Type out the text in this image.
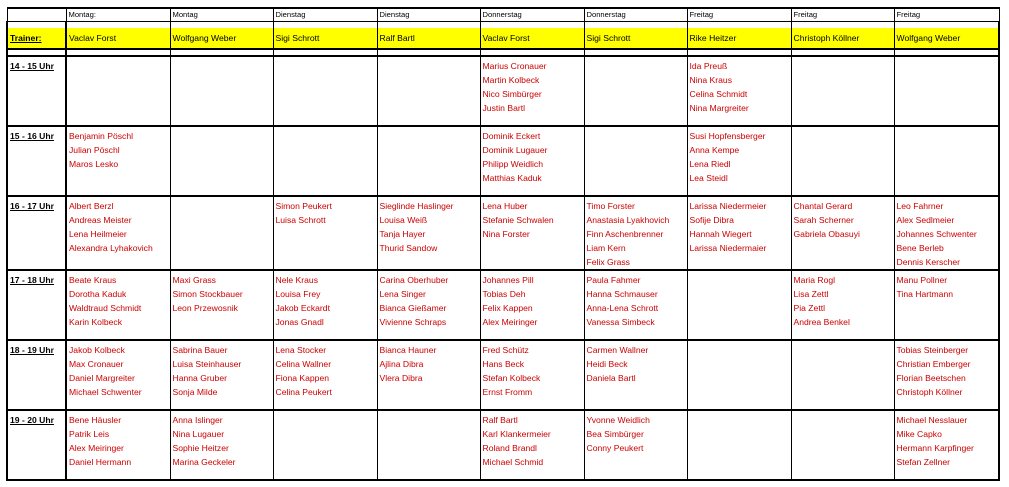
	Montag:	Montag	Dienstag	Dienstag	Donnerstag	Donnerstag	Freitag	Freitag	Freitag

Trainer:	Vaclav Forst	Wolfgang Weber	Sigi Schrott	Ralf Bartl	Vaclav Forst	Sigi Schrott	Rike Heitzer	Christoph Köllner	Wolfgang Weber

14 - 15 Uhr					Marius Cronauer
Martin Kolbeck
Nico Simbürger
Justin Bartl		Ida Preuß
Nina Kraus
Celina Schmidt
Nina Margreiter		

15 - 16 Uhr	Benjamin Pöschl
Julian Pöschl
Maros Lesko				Dominik Eckert
Dominik Lugauer
Philipp Weidlich
Matthias Kaduk		Susi Hopfensberger
Anna Kempe
Lena Riedl
Lea Steidl		

16 - 17 Uhr	Albert Berzl
Andreas Meister
Lena Heilmeier
Alexandra Lyhakovich		Simon Peukert
Luisa Schrott	Sieglinde Haslinger
Louisa Weiß
Tanja Hayer
Thurid Sandow	Lena Huber
Stefanie Schwalen
Nina Forster	Timo Forster
Anastasia Lyakhovich
Finn Aschenbrenner
Liam Kern
Felix Grass	Larissa Niedermeier
Sofije Dibra
Hannah Wiegert
Larissa Niedermaier	Chantal Gerard
Sarah Scherner
Gabriela Obasuyi	Leo Fahrner
Alex Sedlmeier
Johannes Schwenter
Bene Berleb
Dennis Kerscher

17 - 18 Uhr	Beate Kraus
Dorotha Kaduk
Waldtraud Schmidt
Karin Kolbeck	Maxi Grass
Simon Stockbauer
Leon Przewosnik	Nele Kraus
Louisa Frey
Jakob Eckardt
Jonas Gnadl	Carina Oberhuber
Lena Singer
Bianca Gießamer
Vivienne Schraps	Johannes Pill
Tobias Deh
Felix Kappen
Alex Meiringer	Paula Fahmer
Hanna Schmauser
Anna-Lena Schrott
Vanessa Simbeck		Maria Rogl
Lisa Zettl
Pia Zettl
Andrea Benkel	Manu Pollner
Tina Hartmann

18 - 19 Uhr	Jakob Kolbeck
Max Cronauer
Daniel Margreiter
Michael Schwenter	Sabrina Bauer
Luisa Steinhauser
Hanna Gruber
Sonja Milde	Lena Stocker
Celina Wallner
Fiona Kappen
Celina Peukert	Bianca Hauner
Ajlina Dibra
Vlera Dibra	Fred Schütz
Hans Beck
Stefan Kolbeck
Ernst Fromm	Carmen Wallner
Heidi Beck
Daniela Bartl			Tobias Steinberger
Christian Emberger
Florian Beetschen
Christoph Köllner

19 - 20 Uhr	Bene Häusler
Patrik Leis
Alex Meiringer
Daniel Hermann	Anna Islinger
Nina Lugauer
Sophie Heitzer
Marina Geckeler			Ralf Bartl
Karl Klankermeier
Roland Brandl
Michael Schmid	Yvonne Weidlich
Bea Simbürger
Conny Peukert			Michael Nesslauer
Mike Capko
Hermann Karpfinger
Stefan Zellner
